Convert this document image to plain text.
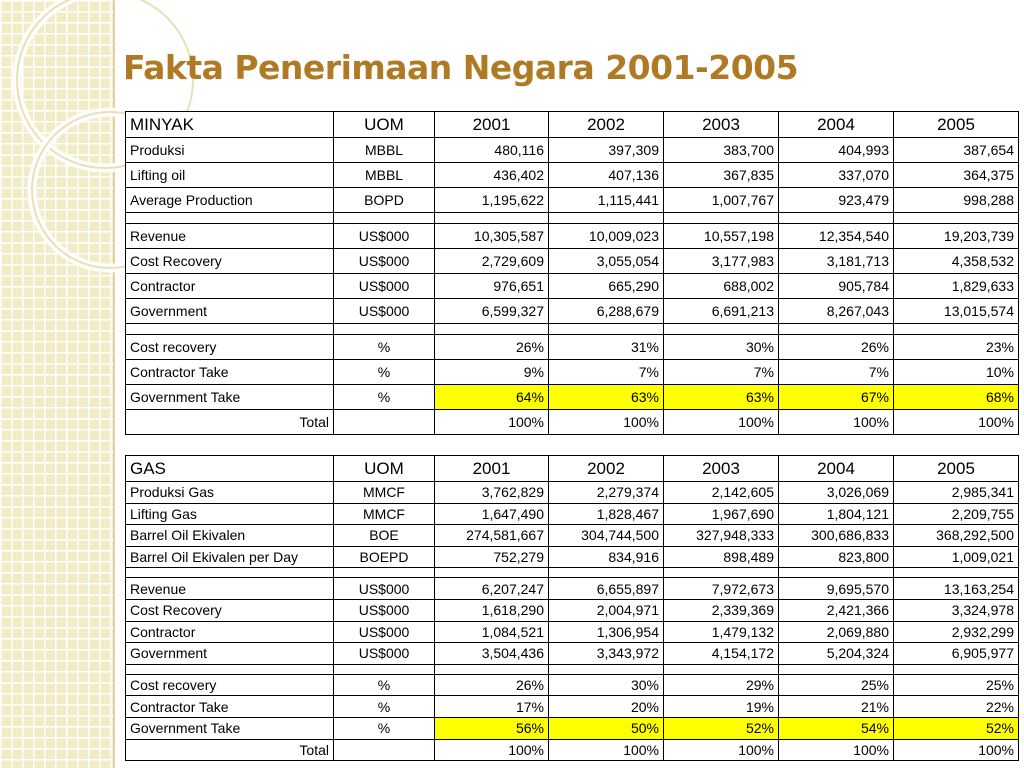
Fakta Penerimaan Negara 2001-2005
MINYAK	UOM	2001	2002	2003	2004	2005
Produksi	MBBL	480,116	397,309	383,700	404,993	387,654
Lifting oil	MBBL	436,402	407,136	367,835	337,070	364,375
Average Production	BOPD	1,195,622	1,115,441	1,007,767	923,479	998,288

Revenue	US$000	10,305,587	10,009,023	10,557,198	12,354,540	19,203,739
Cost Recovery	US$000	2,729,609	3,055,054	3,177,983	3,181,713	4,358,532
Contractor	US$000	976,651	665,290	688,002	905,784	1,829,633
Government	US$000	6,599,327	6,288,679	6,691,213	8,267,043	13,015,574

Cost recovery	%	26%	31%	30%	26%	23%
Contractor Take	%	9%	7%	7%	7%	10%
Government Take	%	64%	63%	63%	67%	68%
Total		100%	100%	100%	100%	100%
GAS	UOM	2001	2002	2003	2004	2005
Produksi Gas	MMCF	3,762,829	2,279,374	2,142,605	3,026,069	2,985,341
Lifting Gas	MMCF	1,647,490	1,828,467	1,967,690	1,804,121	2,209,755
Barrel Oil Ekivalen	BOE	274,581,667	304,744,500	327,948,333	300,686,833	368,292,500
Barrel Oil Ekivalen per Day	BOEPD	752,279	834,916	898,489	823,800	1,009,021

Revenue	US$000	6,207,247	6,655,897	7,972,673	9,695,570	13,163,254
Cost Recovery	US$000	1,618,290	2,004,971	2,339,369	2,421,366	3,324,978
Contractor	US$000	1,084,521	1,306,954	1,479,132	2,069,880	2,932,299
Government	US$000	3,504,436	3,343,972	4,154,172	5,204,324	6,905,977

Cost recovery	%	26%	30%	29%	25%	25%
Contractor Take	%	17%	20%	19%	21%	22%
Government Take	%	56%	50%	52%	54%	52%
Total		100%	100%	100%	100%	100%
